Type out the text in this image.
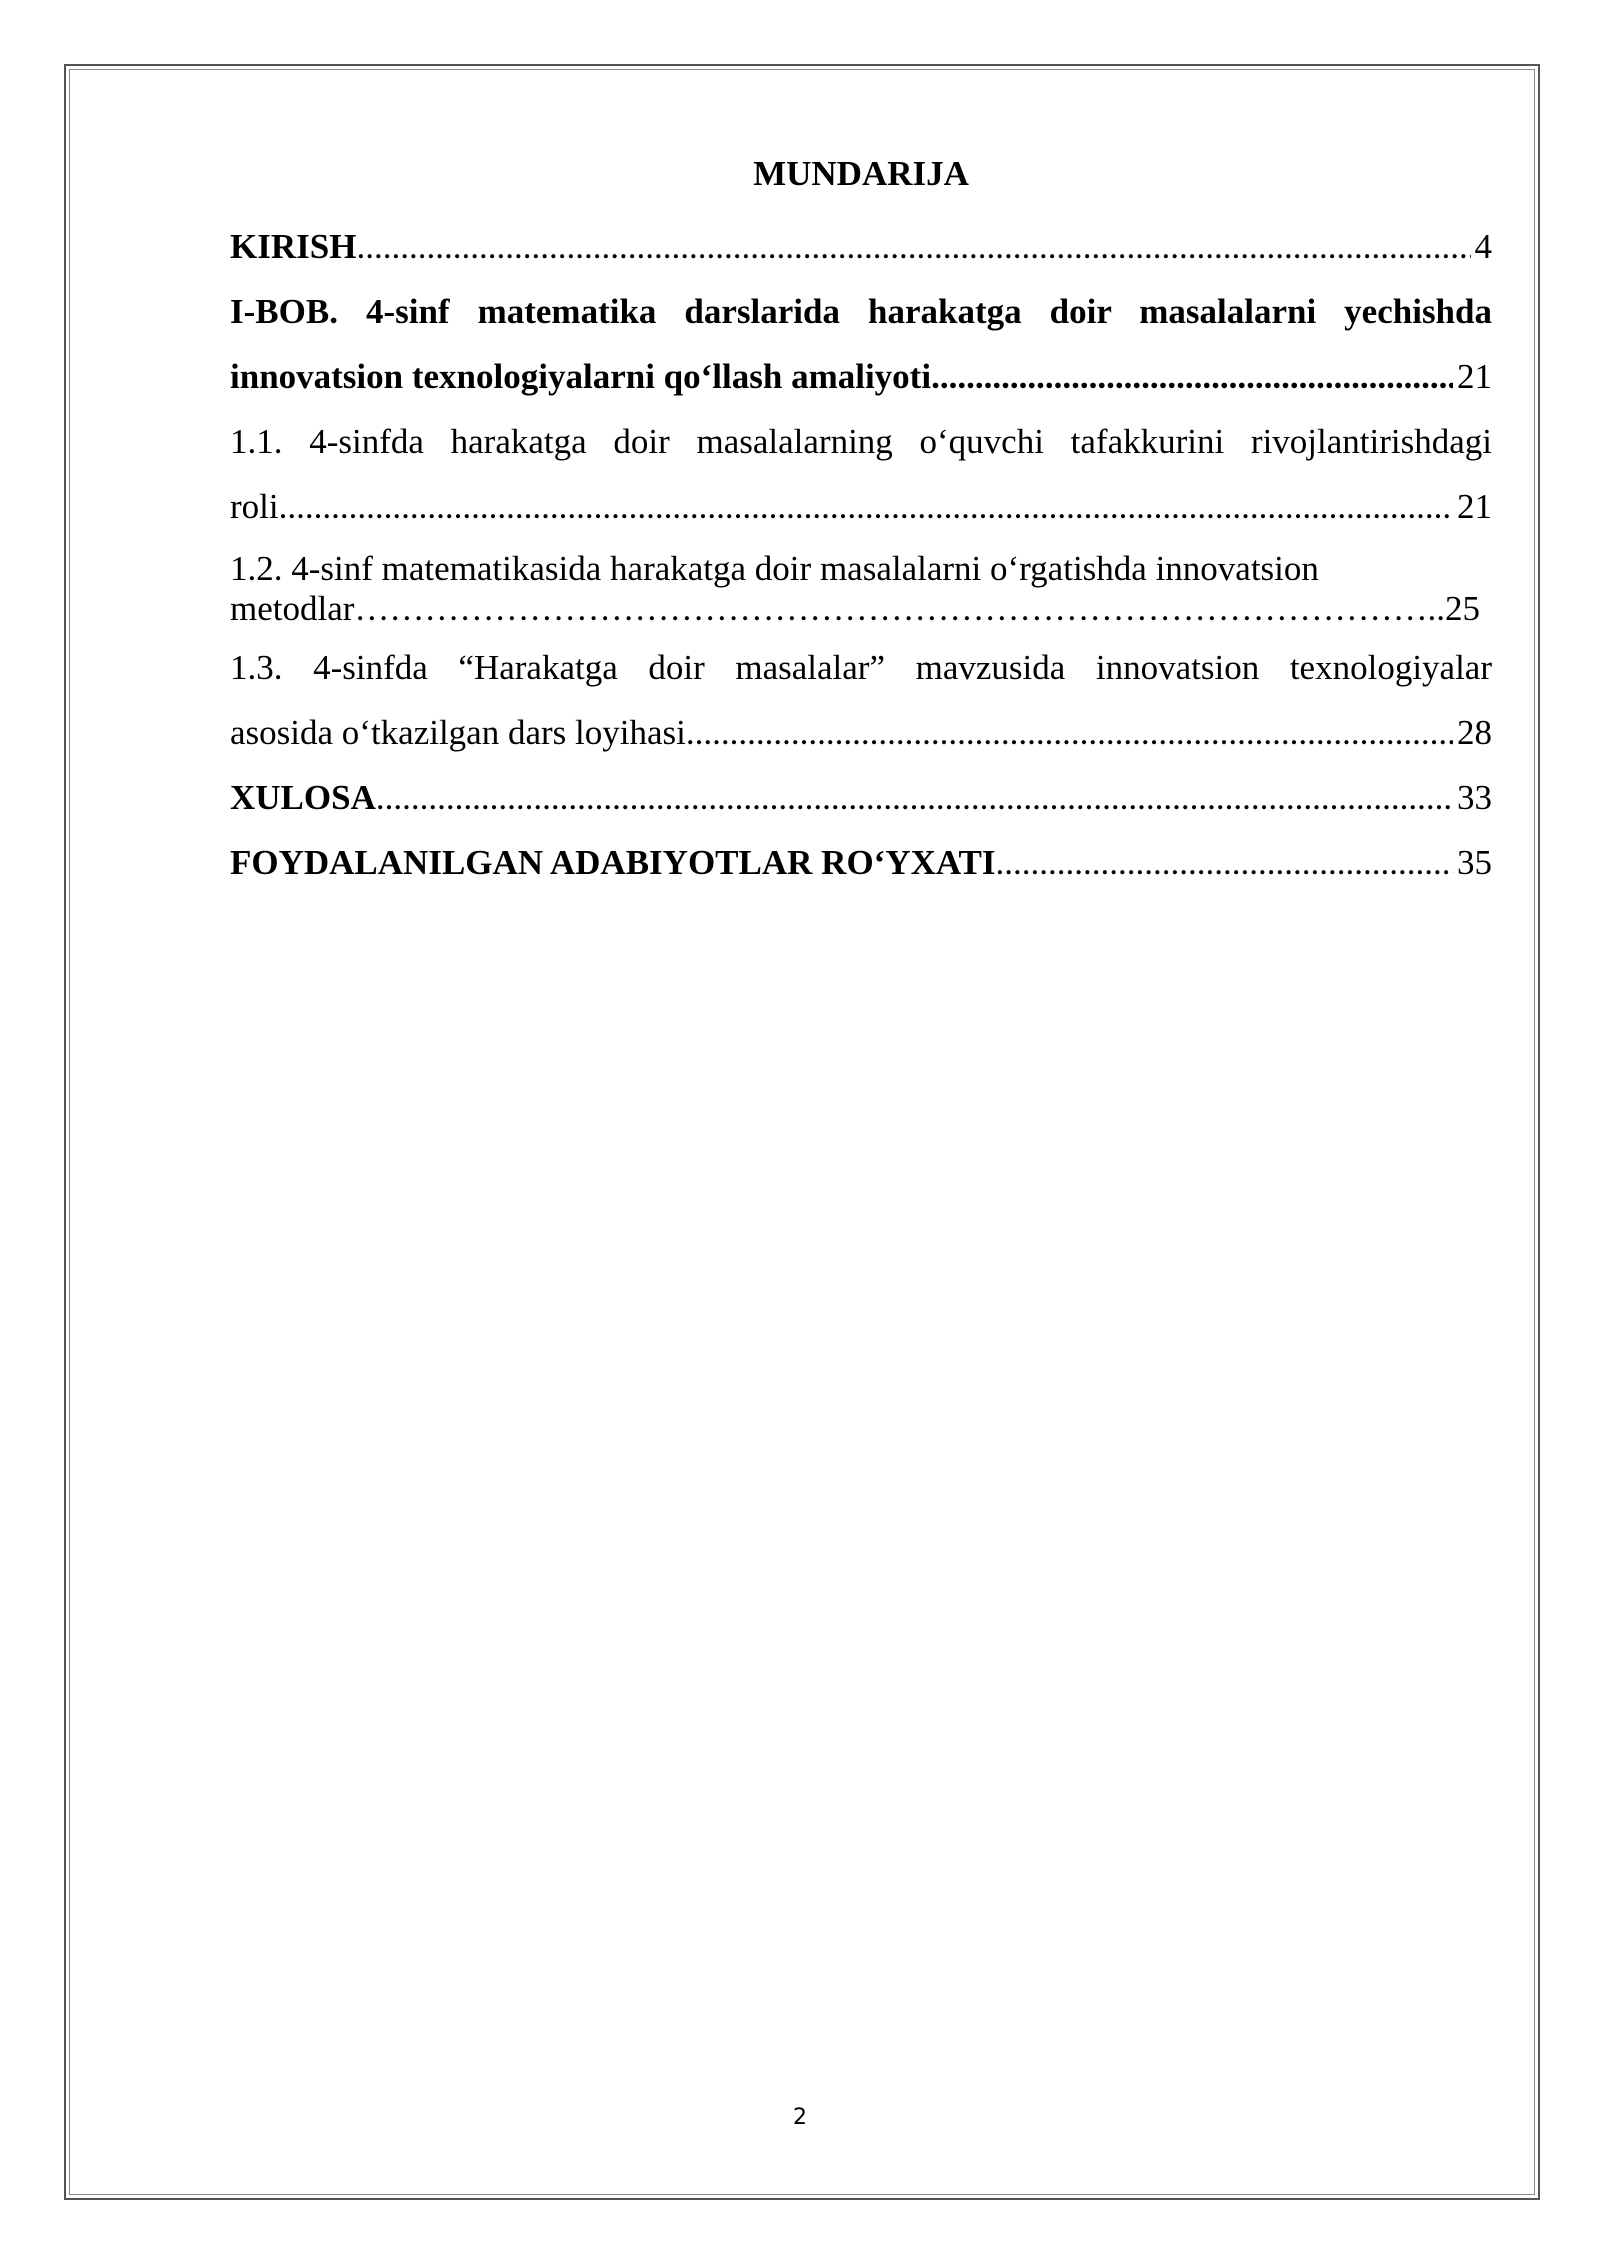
MUNDARIJA
KIRISH .....	4
I-BOB. 4-sinf matematika darslarida harakatga doir masalalarni yechishda
innovatsion texnologiyalarni qo‘llash amaliyoti .....	21
1.1. 4-sinfda harakatga doir masalalarning o‘quvchi tafakkurini rivojlantirishdagi
roli .....	21
1.2. 4-sinf matematikasida harakatga doir masalalarni o‘rgatishda innovatsion
metodlar …………………………………………………………………………………………………………………………………………………………………………………………	..25
1.3. 4-sinfda “Harakatga doir masalalar” mavzusida innovatsion texnologiyalar
asosida o‘tkazilgan dars loyihasi .....	28
XULOSA .....	33
FOYDALANILGAN ADABIYOTLAR RO‘YXATI .....	35
2
